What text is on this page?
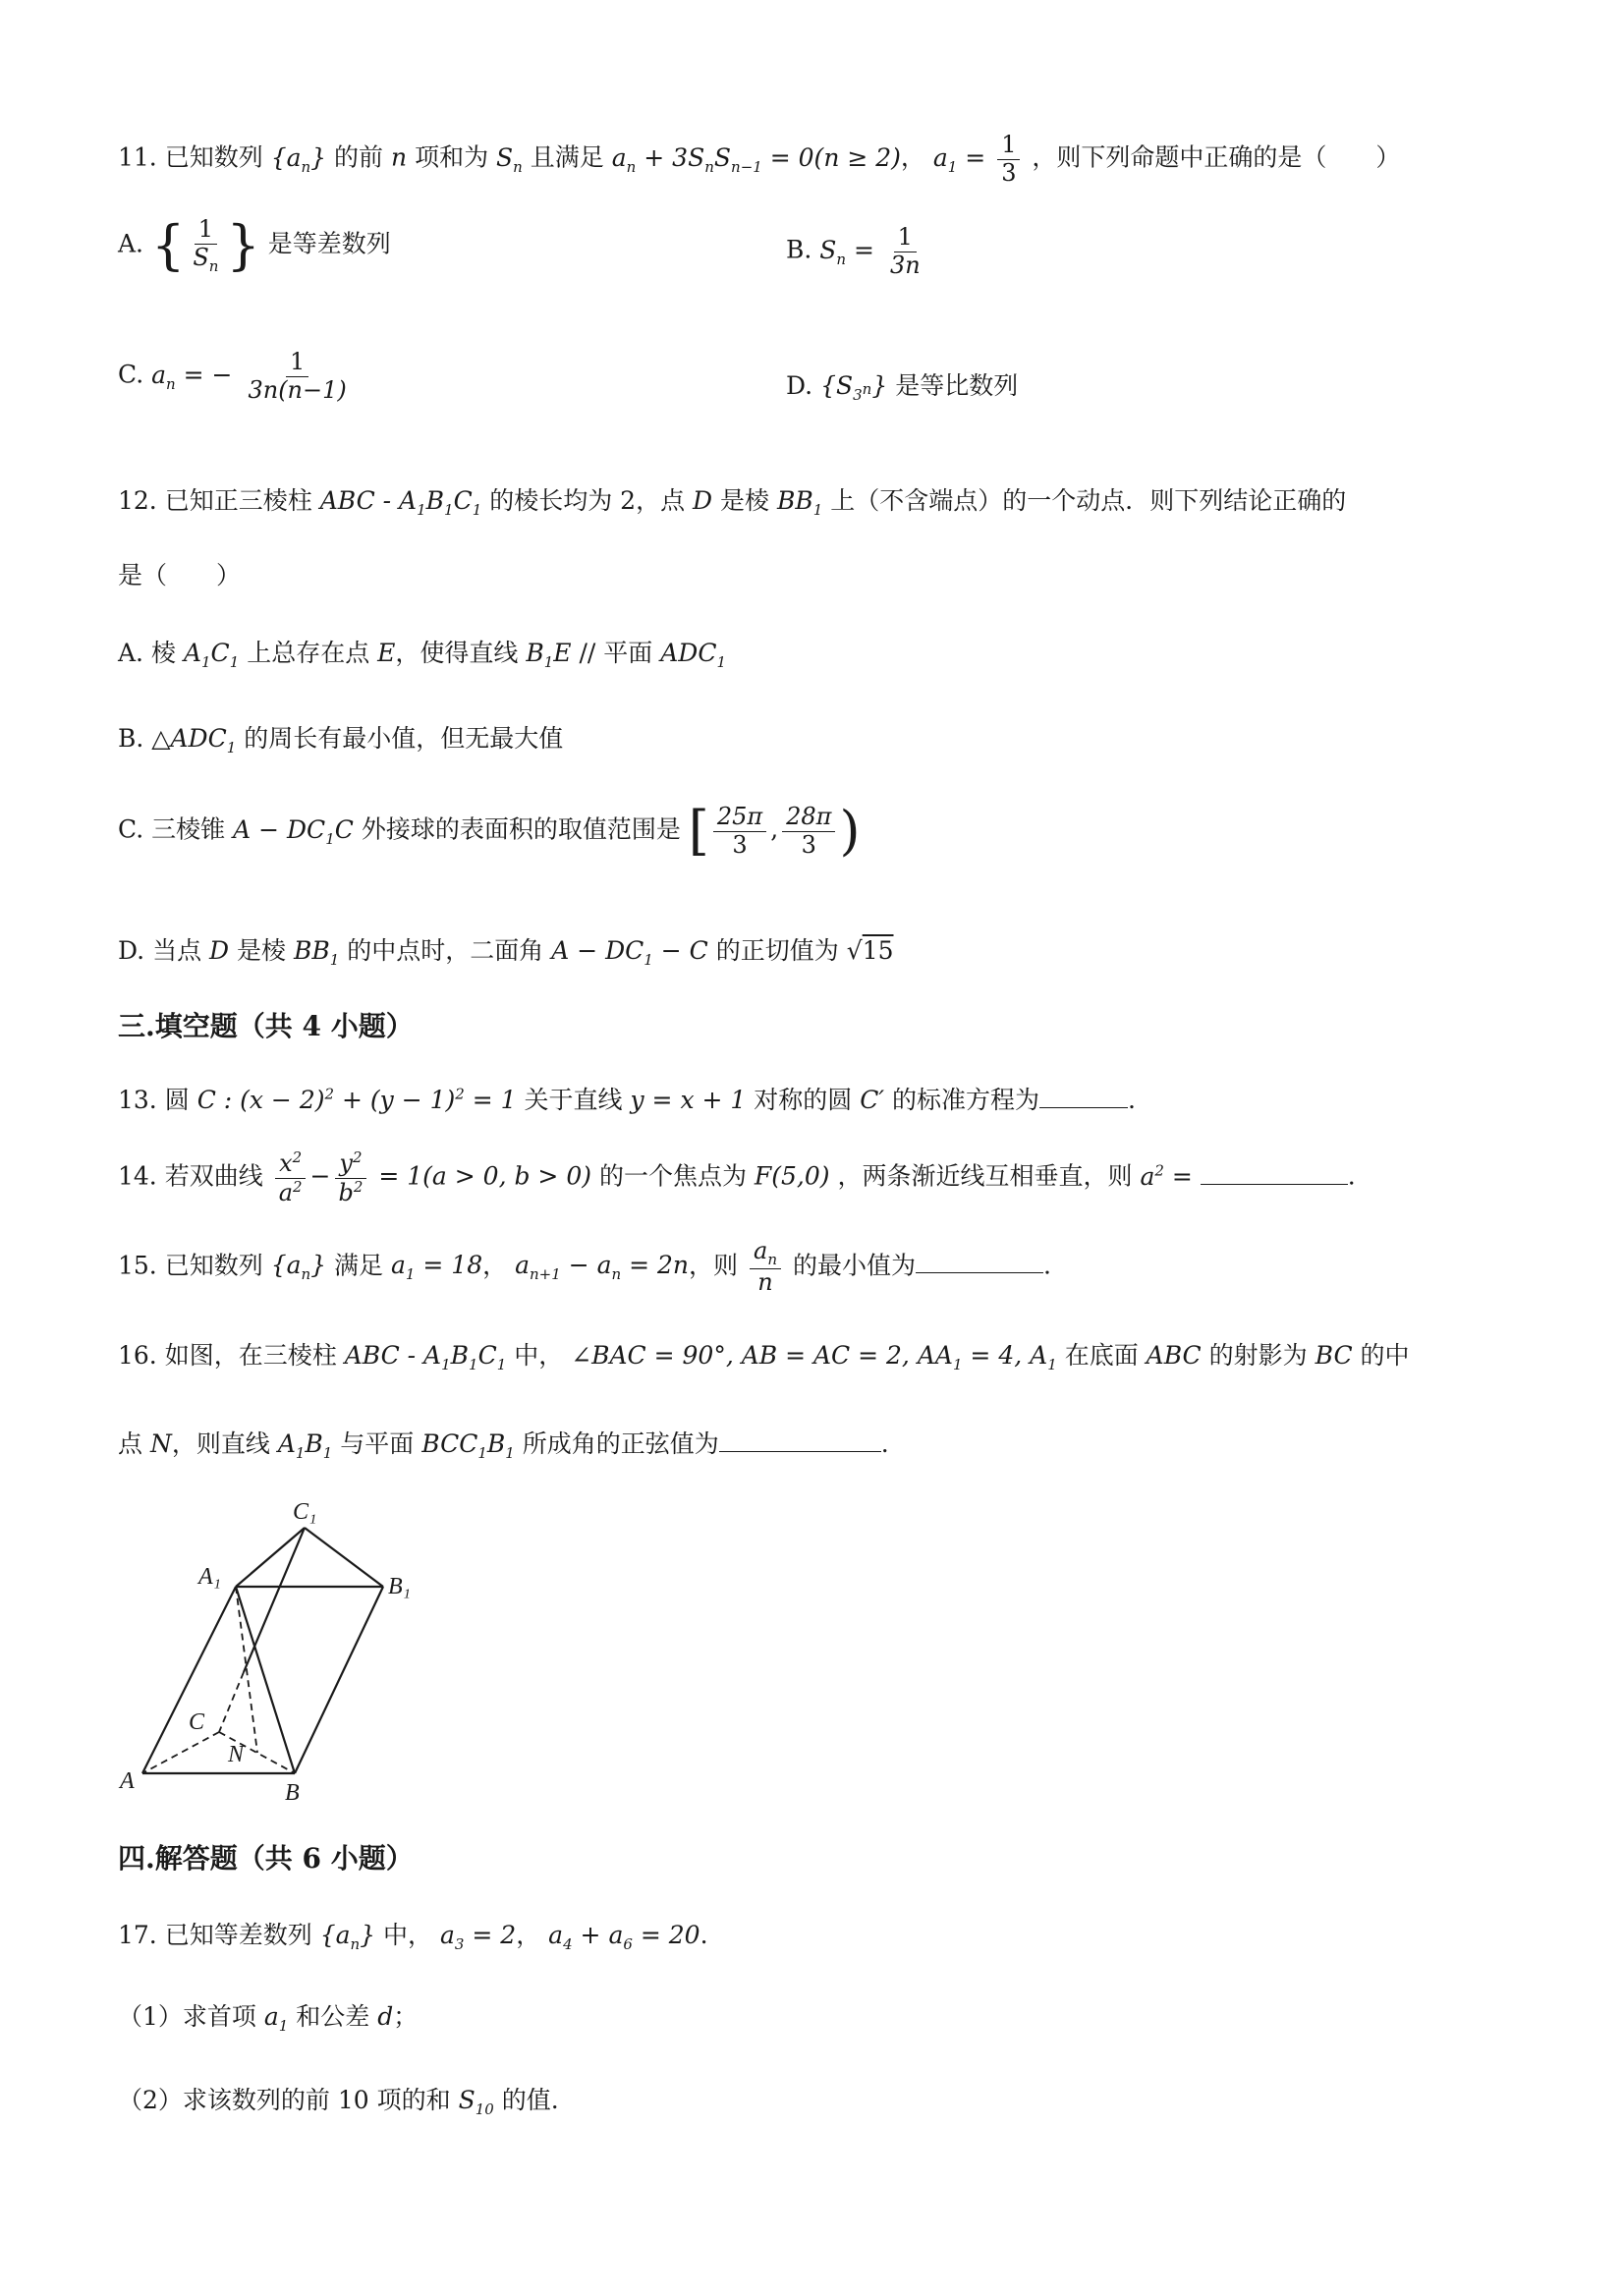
11. 已知数列 $\{a_n\}$ 的前 n 项和为 $S_n$ 且满足 $a_n + 3S_nS_{n-1} = 0(n \ge 2)$， $a_1 = \frac{1}{3}$ ，则下列命题中正确的是（　　）
A. { $\frac{1}{S_n}$ } 是等差数列	B. $S_n = \frac{1}{3n}$
C. $a_n$ = − $\frac{1}{3n(n-1)}$	D. $\{S_{3^n}\}$ 是等比数列
12. 已知正三棱柱 ABC - $A_1B_1C_1$ 的棱长均为 2，点 D 是棱 $BB_1$ 上（不含端点）的一个动点．则下列结论正确的
是（　　）
A. 棱 $A_1C_1$ 上总存在点 E，使得直线 $B_1E$ // 平面 $ADC_1$
B. $\triangle ADC_1$ 的周长有最小值，但无最大值
C. 三棱锥 $A - DC_1C$ 外接球的表面积的取值范围是 [ $\frac{25\pi}{3}$ , $\frac{28\pi}{3}$ )
D. 当点 D 是棱 $BB_1$ 的中点时，二面角 $A - DC_1 - C$ 的正切值为 √15
三.填空题（共 4 小题）
13. 圆 C : $(x - 2)^2 + (y - 1)^2 = 1$ 关于直线 y = x + 1 对称的圆 C′ 的标准方程为	.
14. 若双曲线 $\frac{x^2}{a^2} - \frac{y^2}{b^2} = 1(a > 0$, b > 0) 的一个焦点为 F(5,0) ，两条渐近线互相垂直，则 $a^2$ =	.
15. 已知数列 $\{a_n\}$ 满足 $a_1 = 18$， $a_{n+1} - a_n = 2n$，则 $\frac{a_n}{n}$ 的最小值为	.
16. 如图，在三棱柱 ABC - $A_1B_1C_1$ 中， ∠BAC = 90°, AB = AC = 2, $AA_1 = 4$, $A_1$ 在底面 ABC 的射影为 BC 的中
点 N，则直线 $A_1B_1$ 与平面 $BCC_1B_1$ 所成角的正弦值为	.
C₁
A₁	B₁
C
N
A	B
四.解答题（共 6 小题）
17. 已知等差数列 $\{a_n\}$ 中， $a_3 = 2$， $a_4 + a_6 = 20$.
（1）求首项 $a_1$ 和公差 d；
（2）求该数列的前 10 项的和 $S_{10}$ 的值.
